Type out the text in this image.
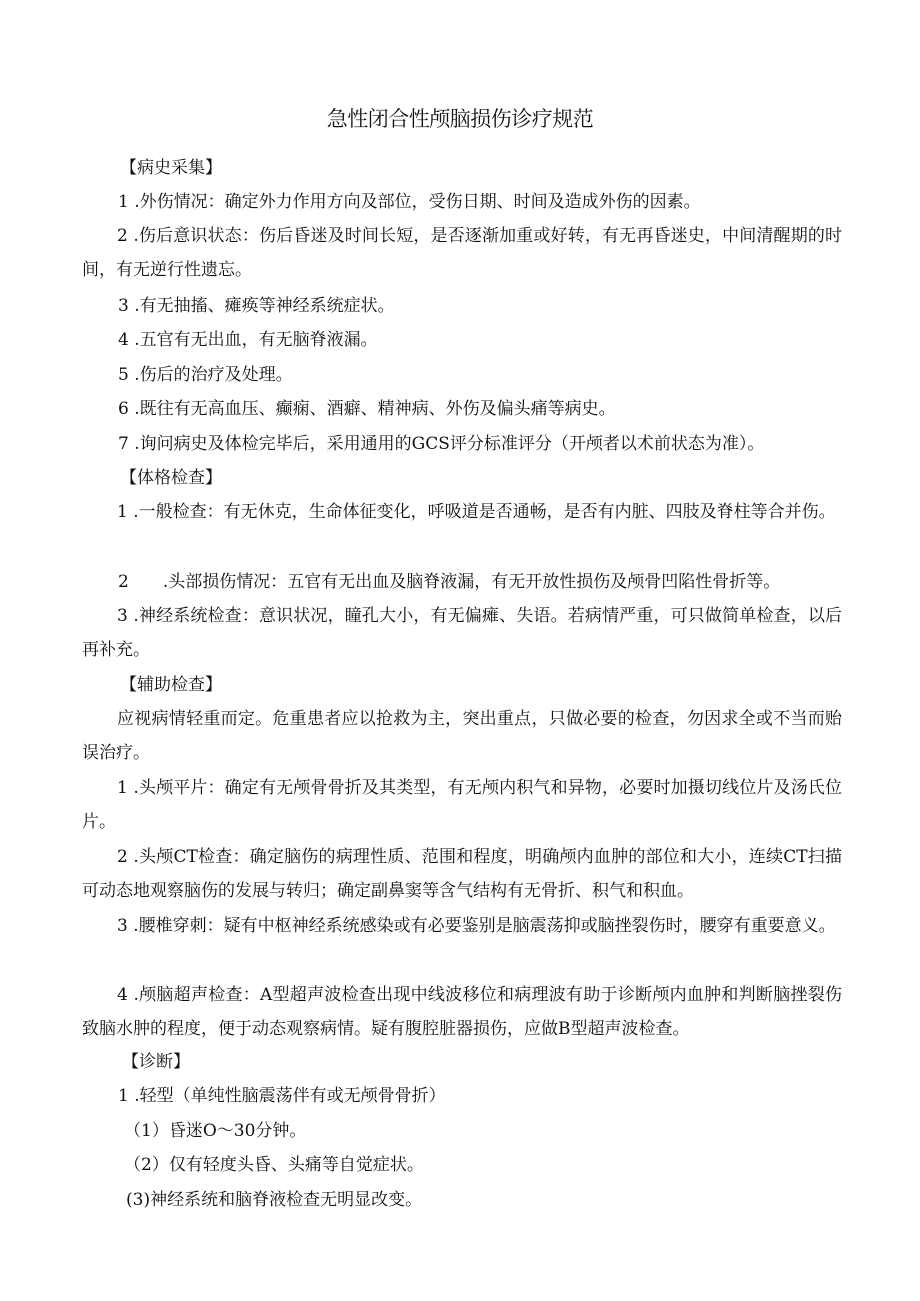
急性闭合性颅脑损伤诊疗规范
【病史采集】
1 .外伤情况：确定外力作用方向及部位，受伤日期、时间及造成外伤的因素。
2 .伤后意识状态：伤后昏迷及时间长短，是否逐渐加重或好转，有无再昏迷史，中间清醒期的时间，有无逆行性遗忘。
3 .有无抽搐、瘫痪等神经系统症状。
4 .五官有无出血，有无脑脊液漏。
5 .伤后的治疗及处理。
6 .既往有无高血压、癫痫、酒癖、精神病、外伤及偏头痛等病史。
7 .询问病史及体检完毕后，采用通用的GCS评分标准评分（开颅者以术前状态为准）。
【体格检查】
1 .一般检查：有无休克，生命体征变化，呼吸道是否通畅，是否有内脏、四肢及脊柱等合并伤。
2　　.头部损伤情况：五官有无出血及脑脊液漏，有无开放性损伤及颅骨凹陷性骨折等。
3 .神经系统检查：意识状况，瞳孔大小，有无偏瘫、失语。若病情严重，可只做简单检查，以后再补充。
【辅助检查】
应视病情轻重而定。危重患者应以抢救为主，突出重点，只做必要的检查，勿因求全或不当而贻误治疗。
1 .头颅平片：确定有无颅骨骨折及其类型，有无颅内积气和异物，必要时加摄切线位片及汤氏位片。
2 .头颅CT检查：确定脑伤的病理性质、范围和程度，明确颅内血肿的部位和大小，连续CT扫描可动态地观察脑伤的发展与转归；确定副鼻窦等含气结构有无骨折、积气和积血。
3 .腰椎穿刺：疑有中枢神经系统感染或有必要鉴别是脑震荡抑或脑挫裂伤时，腰穿有重要意义。
4 .颅脑超声检查：A型超声波检查出现中线波移位和病理波有助于诊断颅内血肿和判断脑挫裂伤致脑水肿的程度，便于动态观察病情。疑有腹腔脏器损伤，应做B型超声波检查。
【诊断】
1 .轻型（单纯性脑震荡伴有或无颅骨骨折）
（1）昏迷O～30分钟。
（2）仅有轻度头昏、头痛等自觉症状。
(3)神经系统和脑脊液检查无明显改变。
